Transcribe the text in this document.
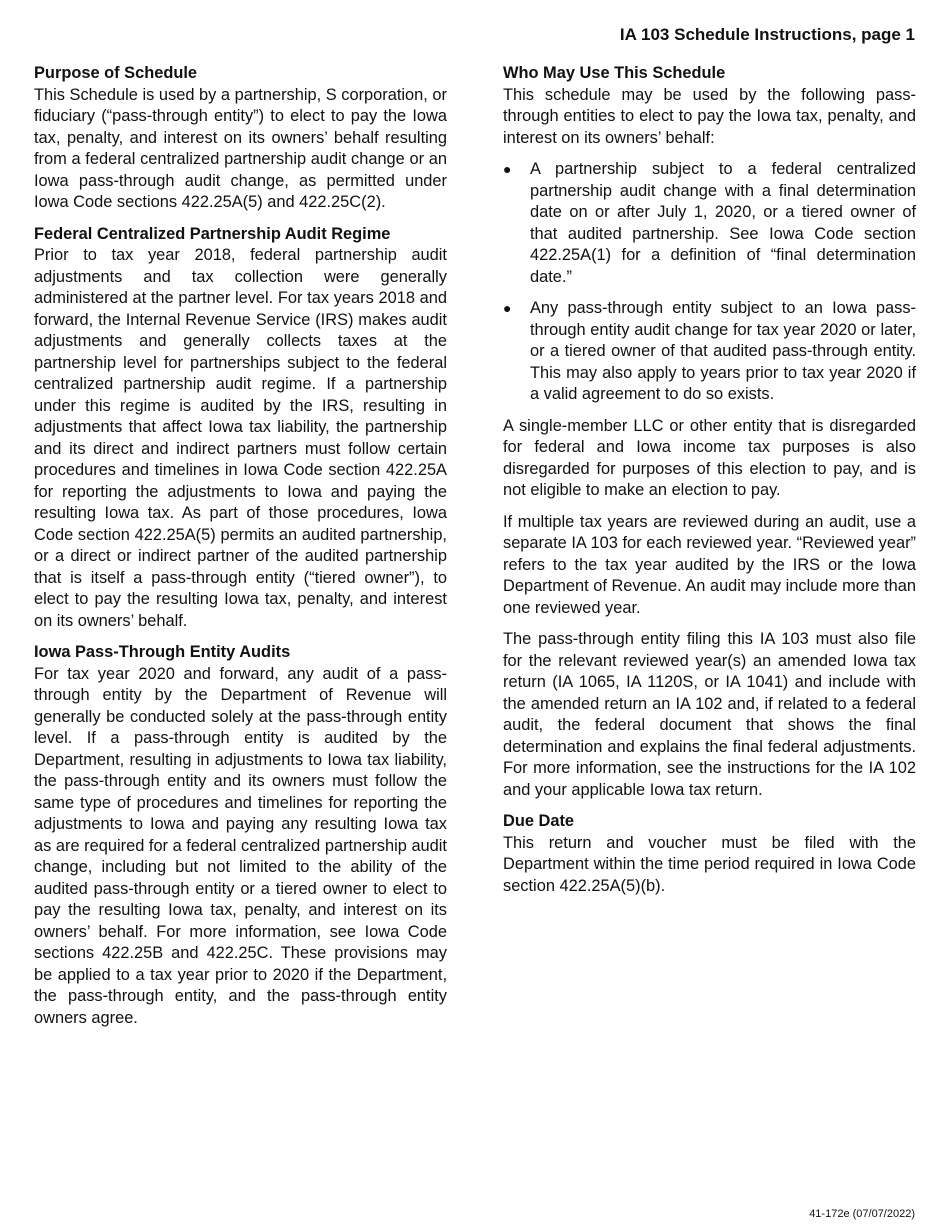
IA 103 Schedule Instructions, page 1
Purpose of Schedule

This Schedule is used by a partnership, S corporation, or fiduciary (“pass-through entity”) to elect to pay the Iowa tax, penalty, and interest on its owners’ behalf resulting from a federal centralized partnership audit change or an Iowa pass-through audit change, as permitted under Iowa Code sections 422.25A(5) and 422.25C(2).

Federal Centralized Partnership Audit Regime

Prior to tax year 2018, federal partnership audit adjustments and tax collection were generally administered at the partner level. For tax years 2018 and forward, the Internal Revenue Service (IRS) makes audit adjustments and generally collects taxes at the partnership level for partnerships subject to the federal centralized partnership audit regime. If a partnership under this regime is audited by the IRS, resulting in adjustments that affect Iowa tax liability, the partnership and its direct and indirect partners must follow certain procedures and timelines in Iowa Code section 422.25A for reporting the adjustments to Iowa and paying the resulting Iowa tax. As part of those procedures, Iowa Code section 422.25A(5) permits an audited partnership, or a direct or indirect partner of the audited partnership that is itself a pass-through entity (“tiered owner”), to elect to pay the resulting Iowa tax, penalty, and interest on its owners’ behalf.

Iowa Pass-Through Entity Audits

For tax year 2020 and forward, any audit of a pass-through entity by the Department of Revenue will generally be conducted solely at the pass-through entity level. If a pass-through entity is audited by the Department, resulting in adjustments to Iowa tax liability, the pass-through entity and its owners must follow the same type of procedures and timelines for reporting the adjustments to Iowa and paying any resulting Iowa tax as are required for a federal centralized partnership audit change, including but not limited to the ability of the audited pass-through entity or a tiered owner to elect to pay the resulting Iowa tax, penalty, and interest on its owners’ behalf. For more information, see Iowa Code sections 422.25B and 422.25C. These provisions may be applied to a tax year prior to 2020 if the Department, the pass-through entity, and the pass-through entity owners agree.

Who May Use This Schedule

This schedule may be used by the following pass-through entities to elect to pay the Iowa tax, penalty, and interest on its owners’ behalf:

● A partnership subject to a federal centralized partnership audit change with a final determination date on or after July 1, 2020, or a tiered owner of that audited partnership. See Iowa Code section 422.25A(1) for a definition of “final determination date.”
● Any pass-through entity subject to an Iowa pass-through entity audit change for tax year 2020 or later, or a tiered owner of that audited pass-through entity. This may also apply to years prior to tax year 2020 if a valid agreement to do so exists.

A single-member LLC or other entity that is disregarded for federal and Iowa income tax purposes is also disregarded for purposes of this election to pay, and is not eligible to make an election to pay.

If multiple tax years are reviewed during an audit, use a separate IA 103 for each reviewed year. “Reviewed year” refers to the tax year audited by the IRS or the Iowa Department of Revenue. An audit may include more than one reviewed year.

The pass-through entity filing this IA 103 must also file for the relevant reviewed year(s) an amended Iowa tax return (IA 1065, IA 1120S, or IA 1041) and include with the amended return an IA 102 and, if related to a federal audit, the federal document that shows the final determination and explains the final federal adjustments. For more information, see the instructions for the IA 102 and your applicable Iowa tax return.

Due Date

This return and voucher must be filed with the Department within the time period required in Iowa Code section 422.25A(5)(b).

41-172e (07/07/2022)
